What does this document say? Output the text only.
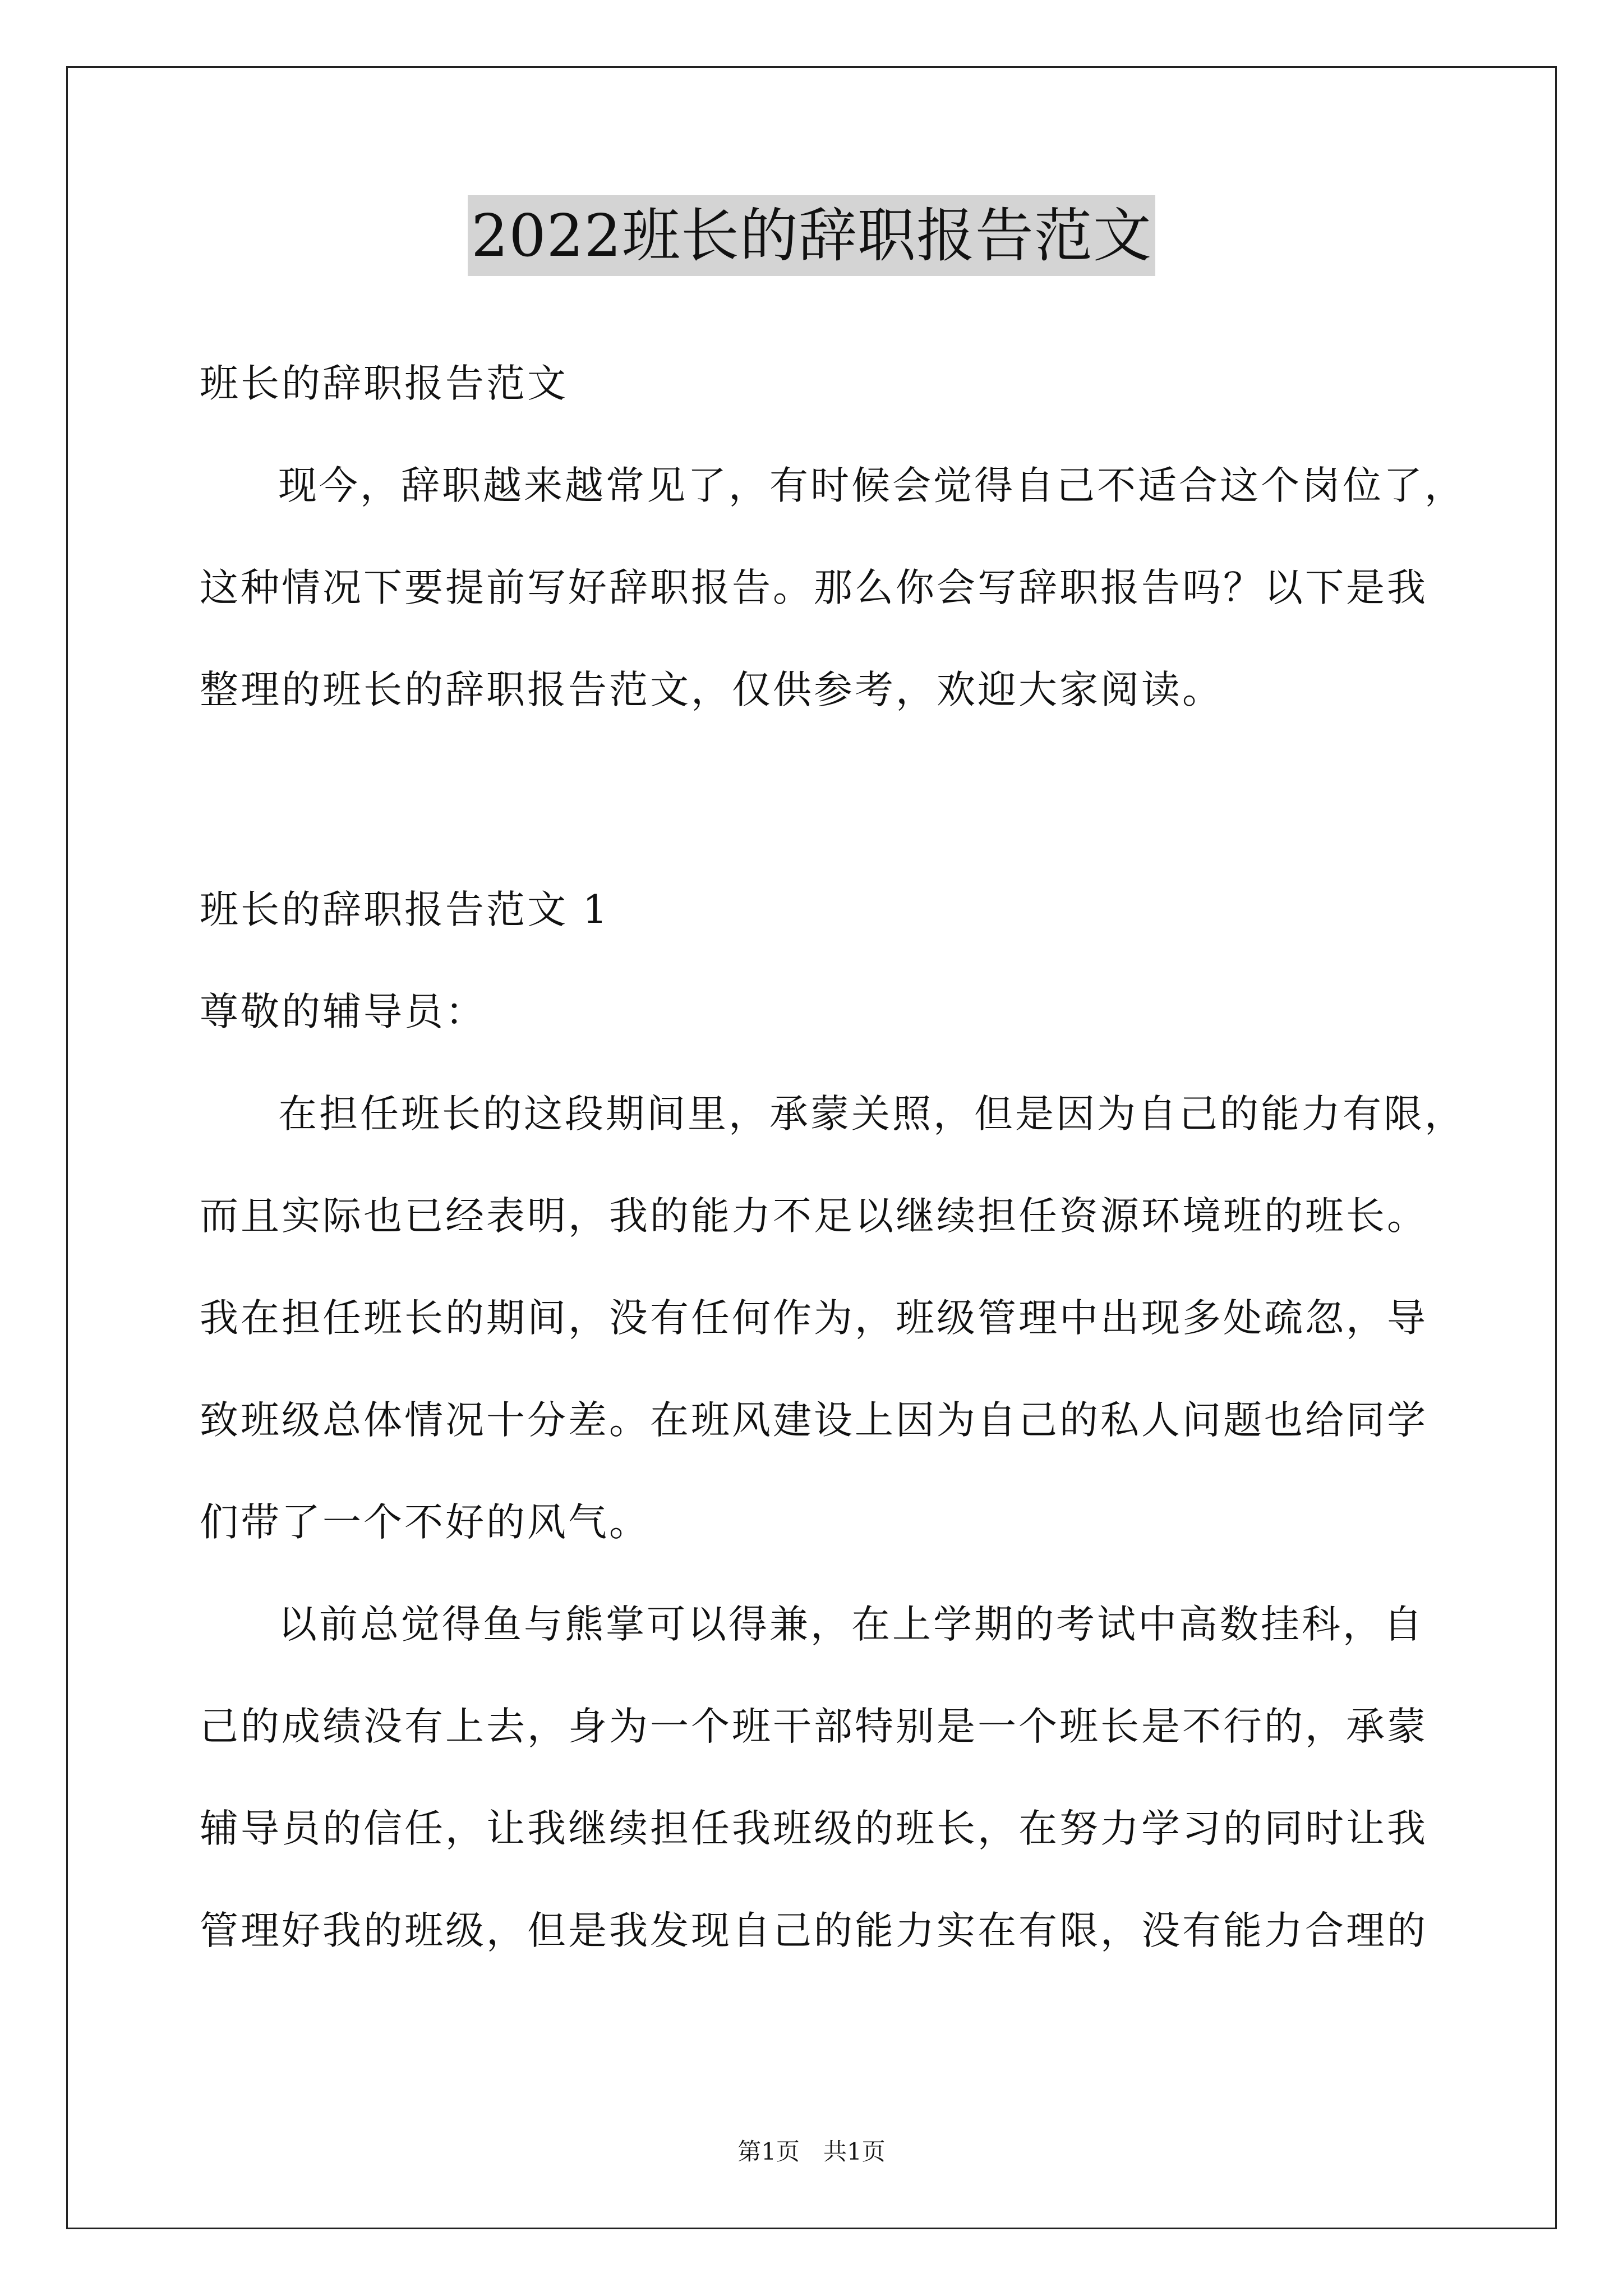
2022班长的辞职报告范文
班长的辞职报告范文
现今，辞职越来越常见了，有时候会觉得自己不适合这个岗位了，
这种情况下要提前写好辞职报告。那么你会写辞职报告吗？以下是我
整理的班长的辞职报告范文，仅供参考，欢迎大家阅读。
班长的辞职报告范文 1
尊敬的辅导员：
在担任班长的这段期间里，承蒙关照，但是因为自己的能力有限，
而且实际也已经表明，我的能力不足以继续担任资源环境班的班长。
我在担任班长的期间，没有任何作为，班级管理中出现多处疏忽，导
致班级总体情况十分差。在班风建设上因为自己的私人问题也给同学
们带了一个不好的风气。
以前总觉得鱼与熊掌可以得兼，在上学期的考试中高数挂科，自
己的成绩没有上去，身为一个班干部特别是一个班长是不行的，承蒙
辅导员的信任，让我继续担任我班级的班长，在努力学习的同时让我
管理好我的班级，但是我发现自己的能力实在有限，没有能力合理的
第1页　共1页
